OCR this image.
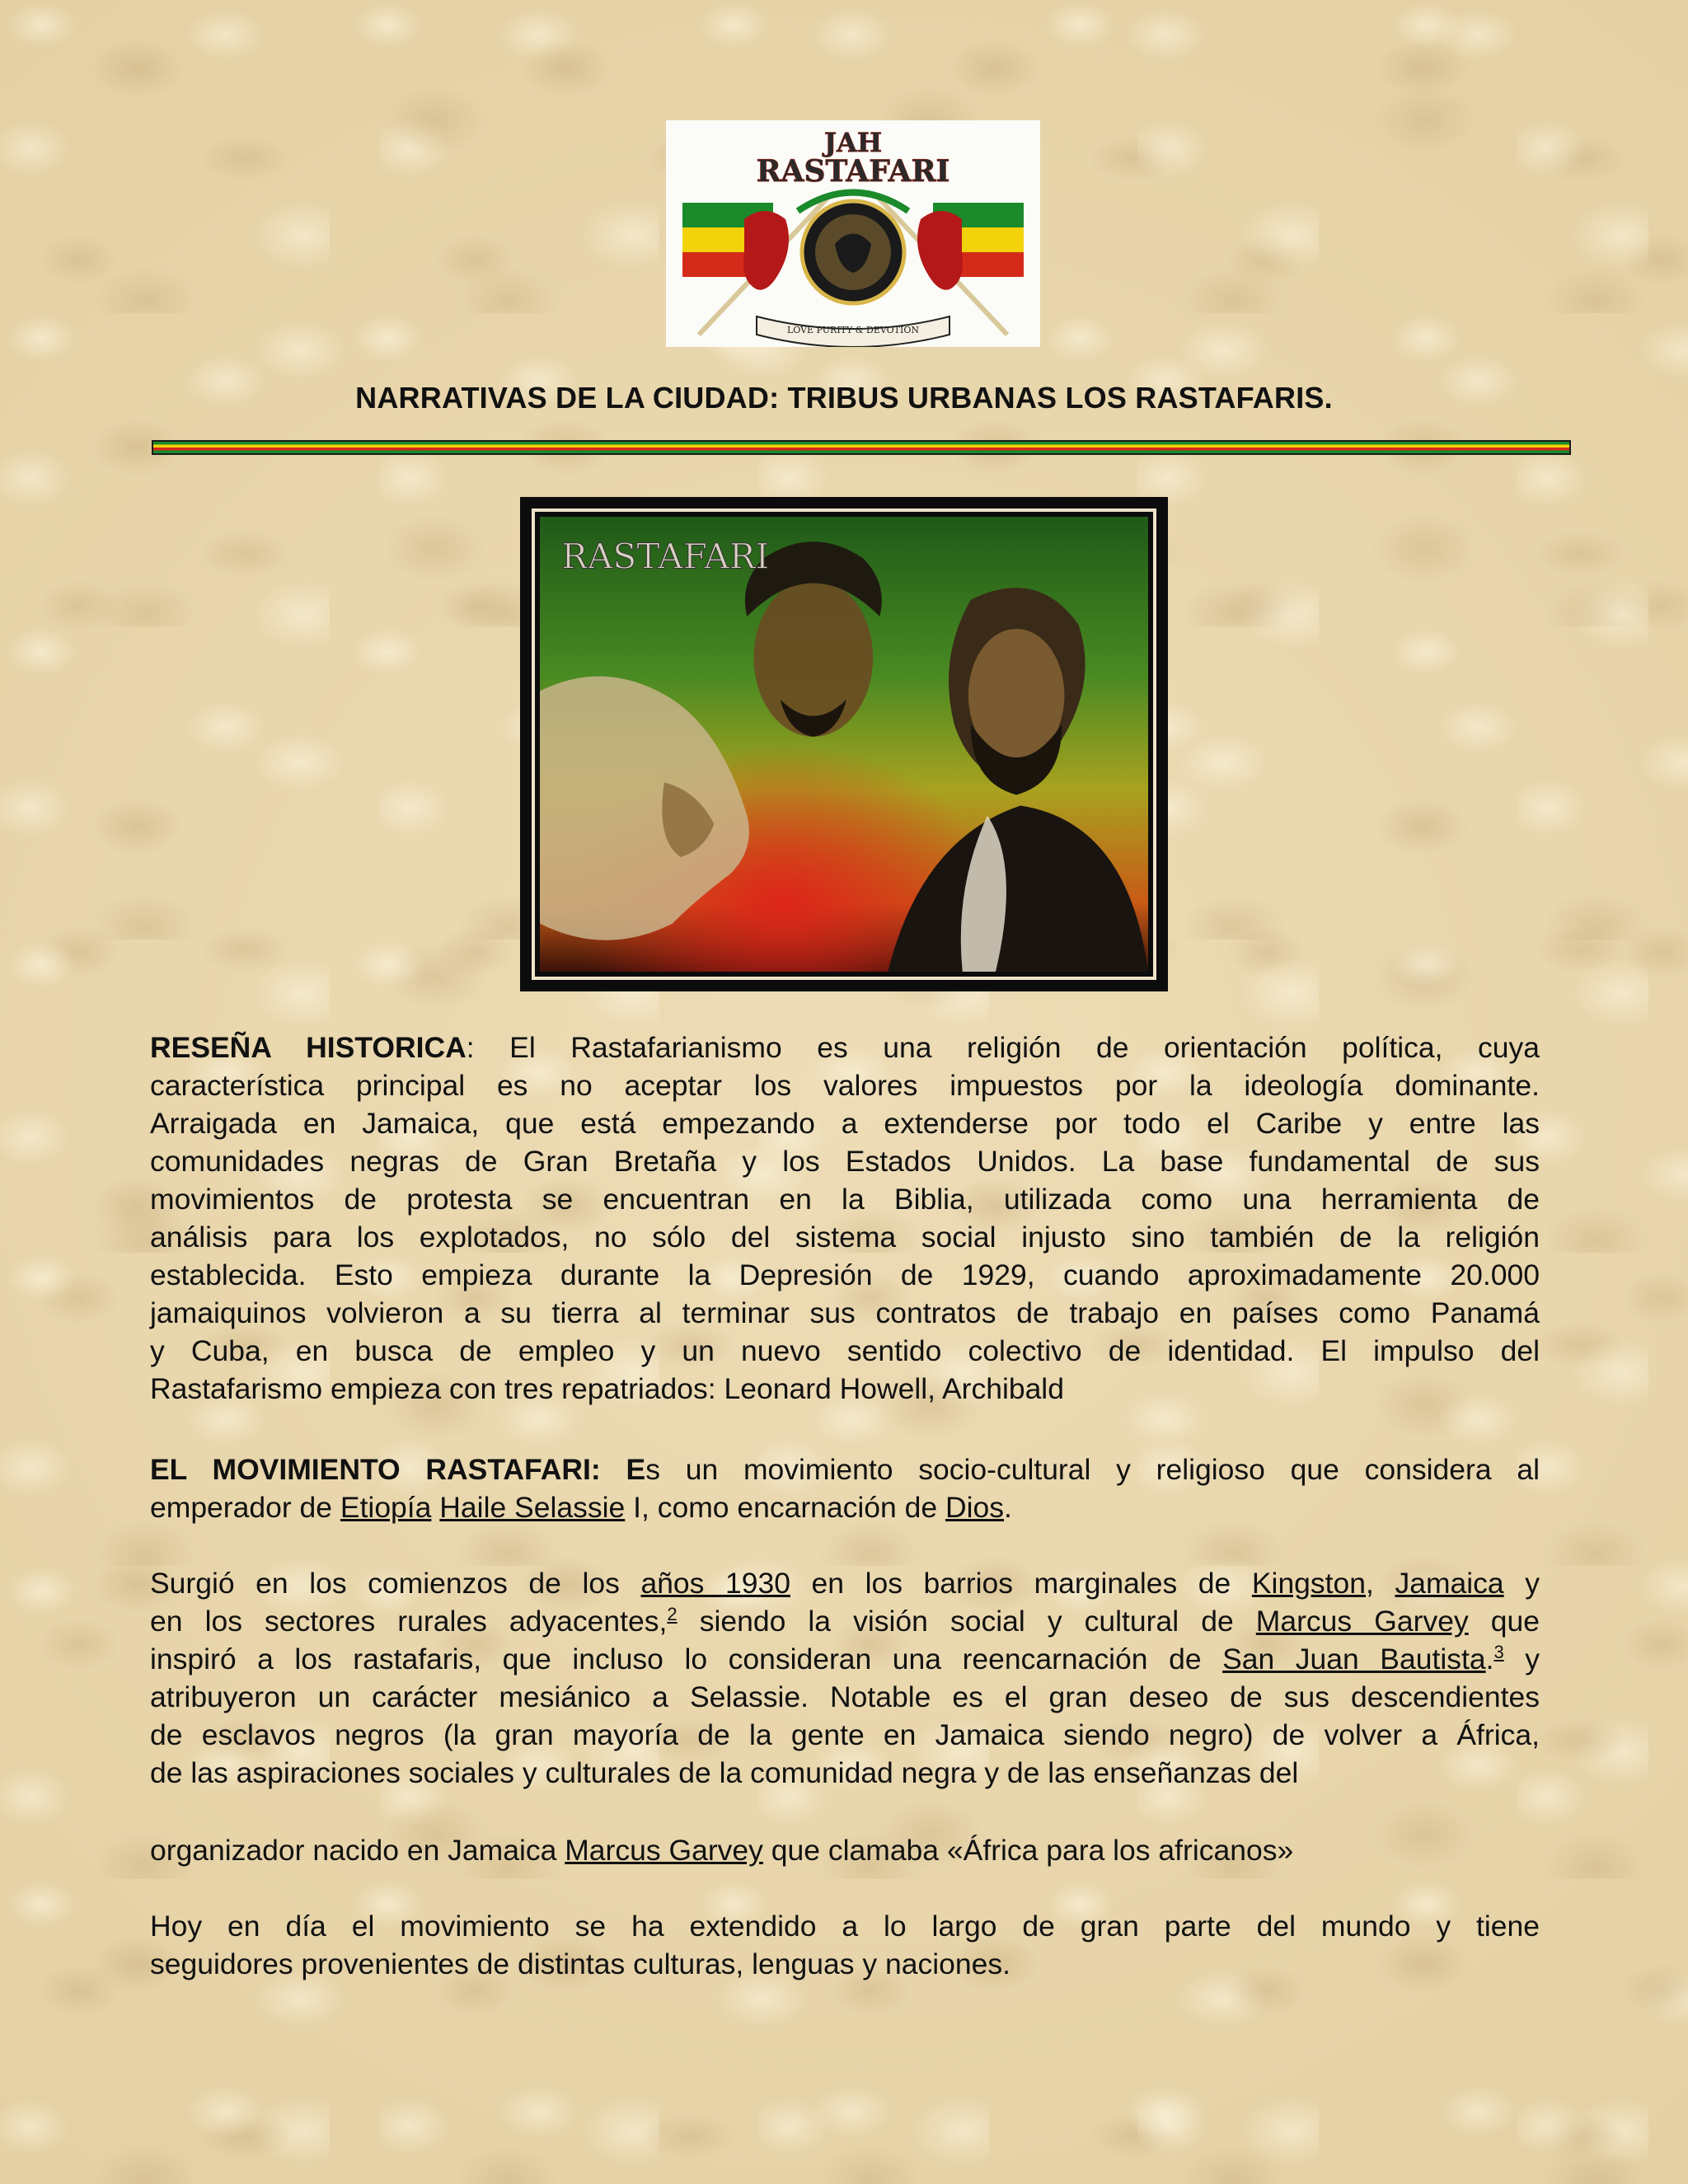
JAH
RASTAFARI
LOVE PURITY & DEVOTION
NARRATIVAS DE LA CIUDAD: TRIBUS URBANAS LOS RASTAFARIS.
RASTAFARI
RESEÑA HISTORICA: El Rastafarianismo es una religión de orientación política, cuya
característica principal es no aceptar los valores impuestos por la ideología dominante.
Arraigada en Jamaica, que está empezando a extenderse por todo el Caribe y entre las
comunidades negras de Gran Bretaña y los Estados Unidos. La base fundamental de sus
movimientos de protesta se encuentran en la Biblia, utilizada como una herramienta de
análisis para los explotados, no sólo del sistema social injusto sino también de la religión
establecida. Esto empieza durante la Depresión de 1929, cuando aproximadamente 20.000
jamaiquinos volvieron a su tierra al terminar sus contratos de trabajo en países como Panamá
y Cuba, en busca de empleo y un nuevo sentido colectivo de identidad. El impulso del
Rastafarismo empieza con tres repatriados: Leonard Howell, Archibald
EL MOVIMIENTO RASTAFARI: Es un movimiento socio-cultural y religioso que considera al
emperador de Etiopía Haile Selassie I, como encarnación de Dios.
Surgió en los comienzos de los años 1930 en los barrios marginales de Kingston, Jamaica y
en los sectores rurales adyacentes,$^2$ siendo la visión social y cultural de Marcus Garvey que
inspiró a los rastafaris, que incluso lo consideran una reencarnación de San Juan Bautista.$^3$ y
atribuyeron un carácter mesiánico a Selassie. Notable es el gran deseo de sus descendientes
de esclavos negros (la gran mayoría de la gente en Jamaica siendo negro) de volver a África,
de las aspiraciones sociales y culturales de la comunidad negra y de las enseñanzas del
organizador nacido en Jamaica Marcus Garvey que clamaba «África para los africanos»
Hoy en día el movimiento se ha extendido a lo largo de gran parte del mundo y tiene
seguidores provenientes de distintas culturas, lenguas y naciones.
